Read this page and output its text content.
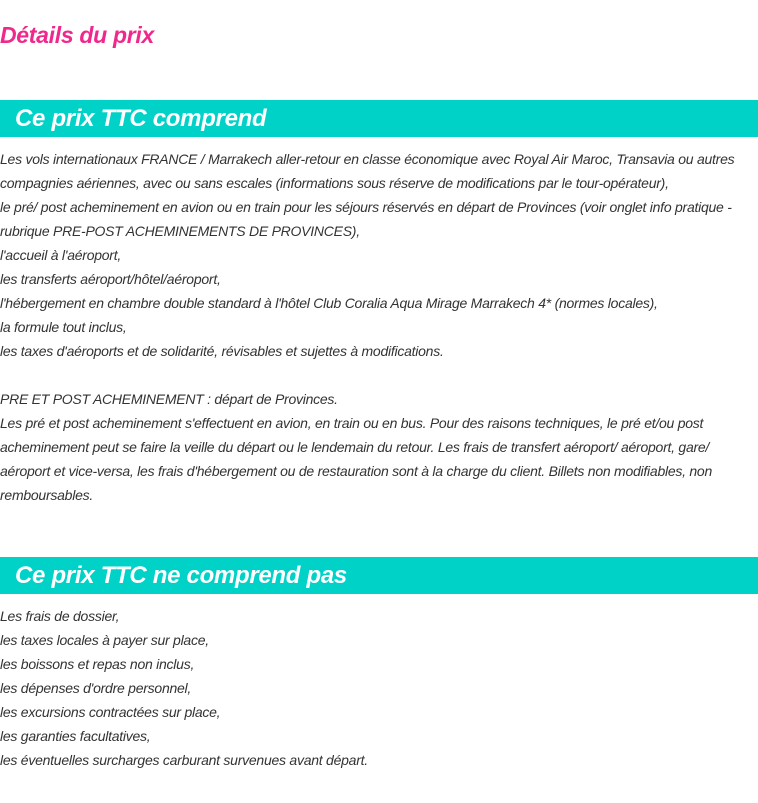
Détails du prix
Ce prix TTC comprend

Les vols internationaux FRANCE / Marrakech aller-retour en classe économique avec Royal Air Maroc, Transavia ou autres compagnies aériennes, avec ou sans escales (informations sous réserve de modifications par le tour-opérateur),

le pré/ post acheminement en avion ou en train pour les séjours réservés en départ de Provinces (voir onglet info pratique - rubrique PRE-POST ACHEMINEMENTS DE PROVINCES),

l'accueil à l'aéroport,

les transferts aéroport/hôtel/aéroport,

l'hébergement en chambre double standard à l'hôtel Club Coralia Aqua Mirage Marrakech 4* (normes locales),

la formule tout inclus,

les taxes d'aéroports et de solidarité, révisables et sujettes à modifications.

PRE ET POST ACHEMINEMENT : départ de Provinces.

Les pré et post acheminement s'effectuent en avion, en train ou en bus. Pour des raisons techniques, le pré et/ou post acheminement peut se faire la veille du départ ou le lendemain du retour. Les frais de transfert aéroport/ aéroport, gare/ aéroport et vice-versa, les frais d'hébergement ou de restauration sont à la charge du client. Billets non modifiables, non remboursables.

Ce prix TTC ne comprend pas

Les frais de dossier,

les taxes locales à payer sur place,

les boissons et repas non inclus,

les dépenses d'ordre personnel,

les excursions contractées sur place,

les garanties facultatives,

les éventuelles surcharges carburant survenues avant départ.
